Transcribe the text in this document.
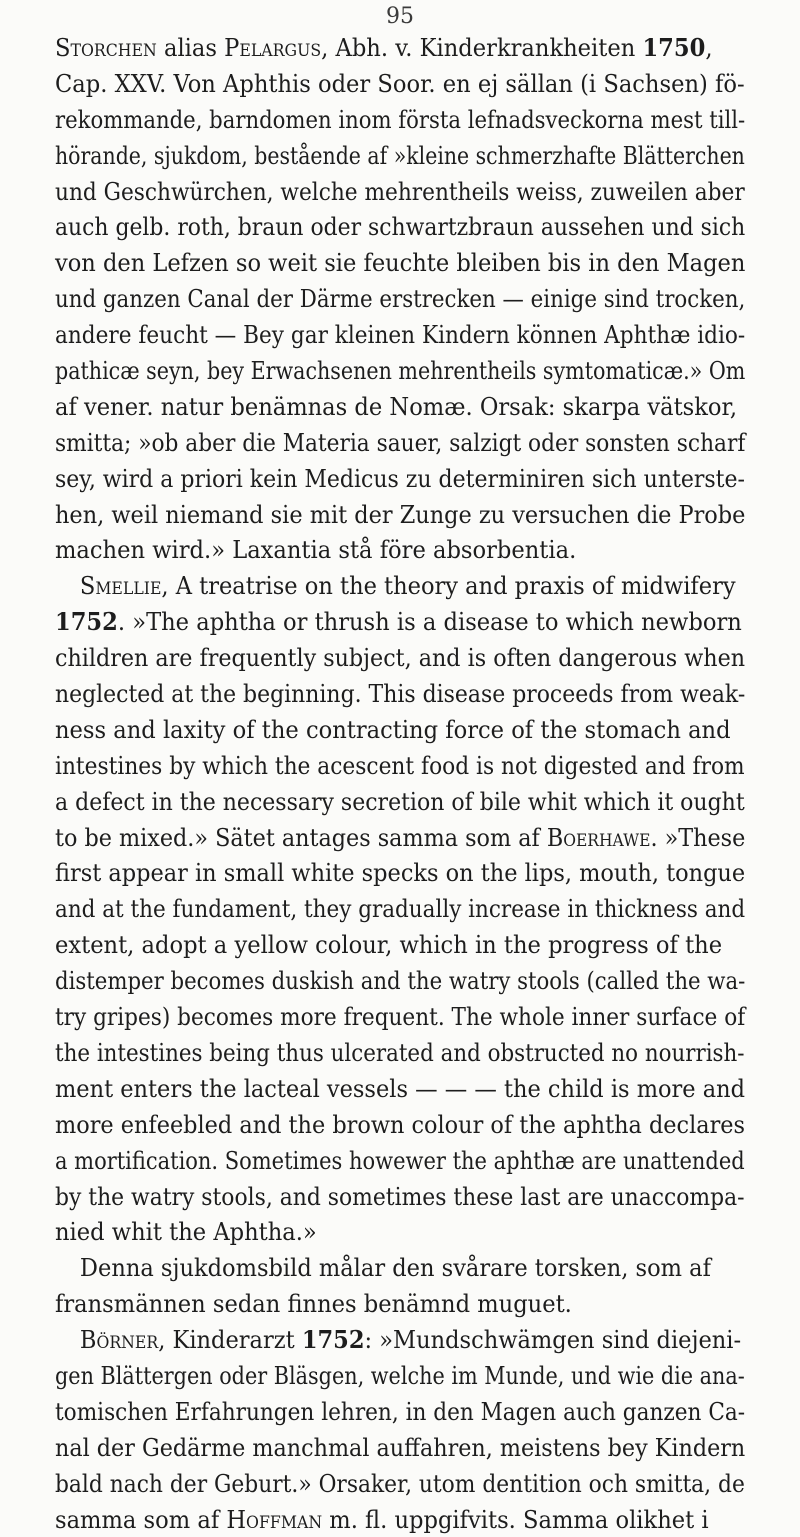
95
Storchen alias Pelargus, Abh. v. Kinderkrankheiten 1750,
Cap. XXV. Von Aphthis oder Soor. en ej sällan (i Sachsen) fö-
rekommande, barndomen inom första lefnadsveckorna mest till-
hörande, sjukdom, bestående af »kleine schmerzhafte Blätterchen
und Geschwürchen, welche mehrentheils weiss, zuweilen aber
auch gelb. roth, braun oder schwartzbraun aussehen und sich
von den Lefzen so weit sie feuchte bleiben bis in den Magen
und ganzen Canal der Därme erstrecken — einige sind trocken,
andere feucht — Bey gar kleinen Kindern können Aphthæ idio-
pathicæ seyn, bey Erwachsenen mehrentheils symtomaticæ.» Om
af vener. natur benämnas de Nomæ. Orsak: skarpa vätskor,
smitta; »ob aber die Materia sauer, salzigt oder sonsten scharf
sey, wird a priori kein Medicus zu determiniren sich unterste-
hen, weil niemand sie mit der Zunge zu versuchen die Probe
machen wird.» Laxantia stå före absorbentia.
Smellie, A treatrise on the theory and praxis of midwifery
1752. »The aphtha or thrush is a disease to which newborn
children are frequently subject, and is often dangerous when
neglected at the beginning. This disease proceeds from weak-
ness and laxity of the contracting force of the stomach and
intestines by which the acescent food is not digested and from
a defect in the necessary secretion of bile whit which it ought
to be mixed.» Sätet antages samma som af Boerhawe. »These
first appear in small white specks on the lips, mouth, tongue
and at the fundament, they gradually increase in thickness and
extent, adopt a yellow colour, which in the progress of the
distemper becomes duskish and the watry stools (called the wa-
try gripes) becomes more frequent. The whole inner surface of
the intestines being thus ulcerated and obstructed no nourrish-
ment enters the lacteal vessels — — — the child is more and
more enfeebled and the brown colour of the aphtha declares
a mortification. Sometimes howewer the aphthæ are unattended
by the watry stools, and sometimes these last are unaccompa-
nied whit the Aphtha.»
Denna sjukdomsbild målar den svårare torsken, som af
fransmännen sedan finnes benämnd muguet.
Börner, Kinderarzt 1752: »Mundschwämgen sind diejeni-
gen Blättergen oder Bläsgen, welche im Munde, und wie die ana-
tomischen Erfahrungen lehren, in den Magen auch ganzen Ca-
nal der Gedärme manchmal auffahren, meistens bey Kindern
bald nach der Geburt.» Orsaker, utom dentition och smitta, de
samma som af Hoffman m. fl. uppgifvits. Samma olikhet i
